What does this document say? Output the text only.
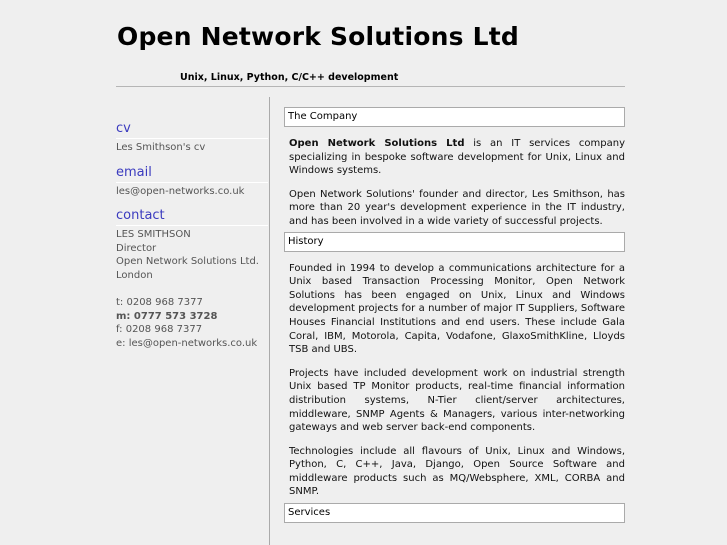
Open Network Solutions Ltd
Unix, Linux, Python, C/C++ development
cv
Les Smithson's cv
email
les@open-networks.co.uk
contact
LES SMITHSON
Director
Open Network Solutions Ltd.
London
t: 0208 968 7377
m: 0777 573 3728
f: 0208 968 7377
e: les@open-networks.co.uk
The Company

Open Network Solutions Ltd is an IT services company specializing in bespoke software development for Unix, Linux and Windows systems.

Open Network Solutions' founder and director, Les Smithson, has more than 20 year's development experience in the IT industry, and has been involved in a wide variety of successful projects.

History

Founded in 1994 to develop a communications architecture for a Unix based Transaction Processing Monitor, Open Network Solutions has been engaged on Unix, Linux and Windows development projects for a number of major IT Suppliers, Software Houses Financial Institutions and end users. These include Gala Coral, IBM, Motorola, Capita, Vodafone, GlaxoSmithKline, Lloyds TSB and UBS.

Projects have included development work on industrial strength Unix based TP Monitor products, real-time financial information distribution systems, N-Tier client/server architectures, middleware, SNMP Agents & Managers, various inter-networking gateways and web server back-end components.

Technologies include all flavours of Unix, Linux and Windows, Python, C, C++, Java, Django, Open Source Software and middleware products such as MQ/Websphere, XML, CORBA and SNMP.

Services
